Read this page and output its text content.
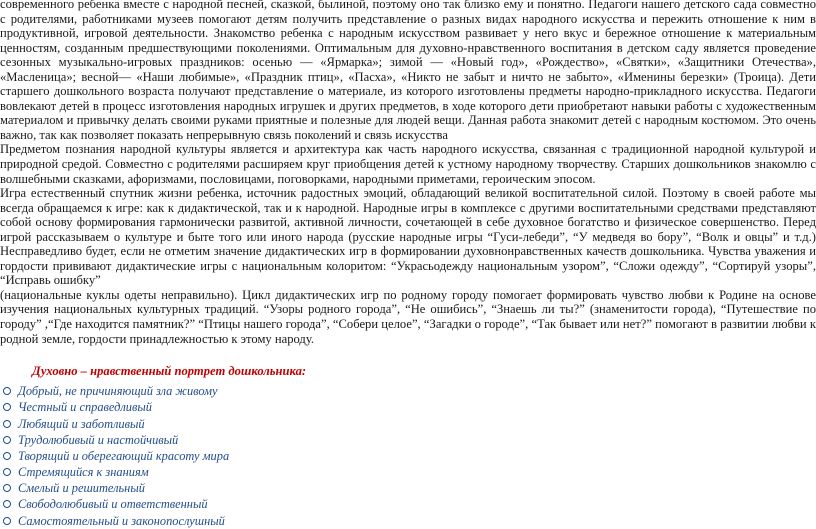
современного ребенка вместе с народной песней, сказкой, былиной, поэтому оно так близко ему и понятно. Педагоги нашего детского сада совместно с родителями, работниками музеев помогают детям получить представление о разных видах народного искусства и пережить отношение к ним в продуктивной, игровой деятельности. Знакомство ребенка с народным искусством развивает у него вкус и бережное отношение к материальным ценностям, созданным предшествующими поколениями. Оптимальным для духовно-нравственного воспитания в детском саду является проведение сезонных музыкально-игровых праздников: осенью — «Ярмарка»; зимой — «Новый год», «Рождество», «Святки», «Защитники Отечества», «Масленица»; весной— «Наши любимые», «Праздник птиц», «Пасха», «Никто не забыт и ничто не забыто», «Именины березки» (Троица). Дети старшего дошкольного возраста получают представление о материале, из которого изготовлены предметы народно-прикладного искусства. Педагоги вовлекают детей в процесс изготовления народных игрушек и других предметов, в ходе которого дети приобретают навыки работы с художественным материалом и привычку делать своими руками приятные и полезные для людей вещи. Данная работа знакомит детей с народным костюмом. Это очень важно, так как позволяет показать непрерывную связь поколений и связь искусства

Предметом познания народной культуры является и архитектура как часть народного искусства, связанная с традиционной народной культурой и природной средой. Совместно с родителями расширяем круг приобщения детей к устному народному творчеству. Старших дошкольников знакомлю с волшебными сказками, афоризмами, пословицами, поговорками, народными приметами, героическим эпосом.

Игра естественный спутник жизни ребенка, источник радостных эмоций, обладающий великой воспитательной силой. Поэтому в своей работе мы всегда обращаемся к игре: как к дидактической, так и к народной. Народные игры в комплексе с другими воспитательными средствами представляют собой основу формирования гармонически развитой, активной личности, сочетающей в себе духовное богатство и физическое совершенство. Перед игрой рассказываем о культуре и быте того или иного народа (русские народные игры “Гуси-лебеди”, “У медведя во бору”, “Волк и овцы” и т.д.) Несправедливо будет, если не отметим значение дидактических игр в формировании духовнонравственных качеств дошкольника. Чувства уважения и гордости прививают дидактические игры с национальным колоритом: “Украсьодежду национальным узором”, “Сложи одежду”, “Сортируй узоры”, “Исправь ошибку”

(национальные куклы одеты неправильно). Цикл дидактических игр по родному городу помогает формировать чувство любви к Родине на основе изучения национальных культурных традиций. “Узоры родного города”, “Не ошибись”, “Знаешь ли ты?” (знаменитости города), “Путешествие по городу” ,“Где находится памятник?” “Птицы нашего города”, “Собери целое”, “Загадки о городе”, “Так бывает или нет?” помогают в развитии любви к родной земле, гордости принадлежностью к этому народу.

Духовно – нравственный портрет дошкольника:

Добрый, не причиняющий зла живому
Честный и справедливый
Любящий и заботливый
Трудолюбивый и настойчивый
Творящий и оберегающий красоту мира
Стремящийся к знаниям
Смелый и решительный
Свободолюбивый и ответственный
Самостоятельный и законопослушный
